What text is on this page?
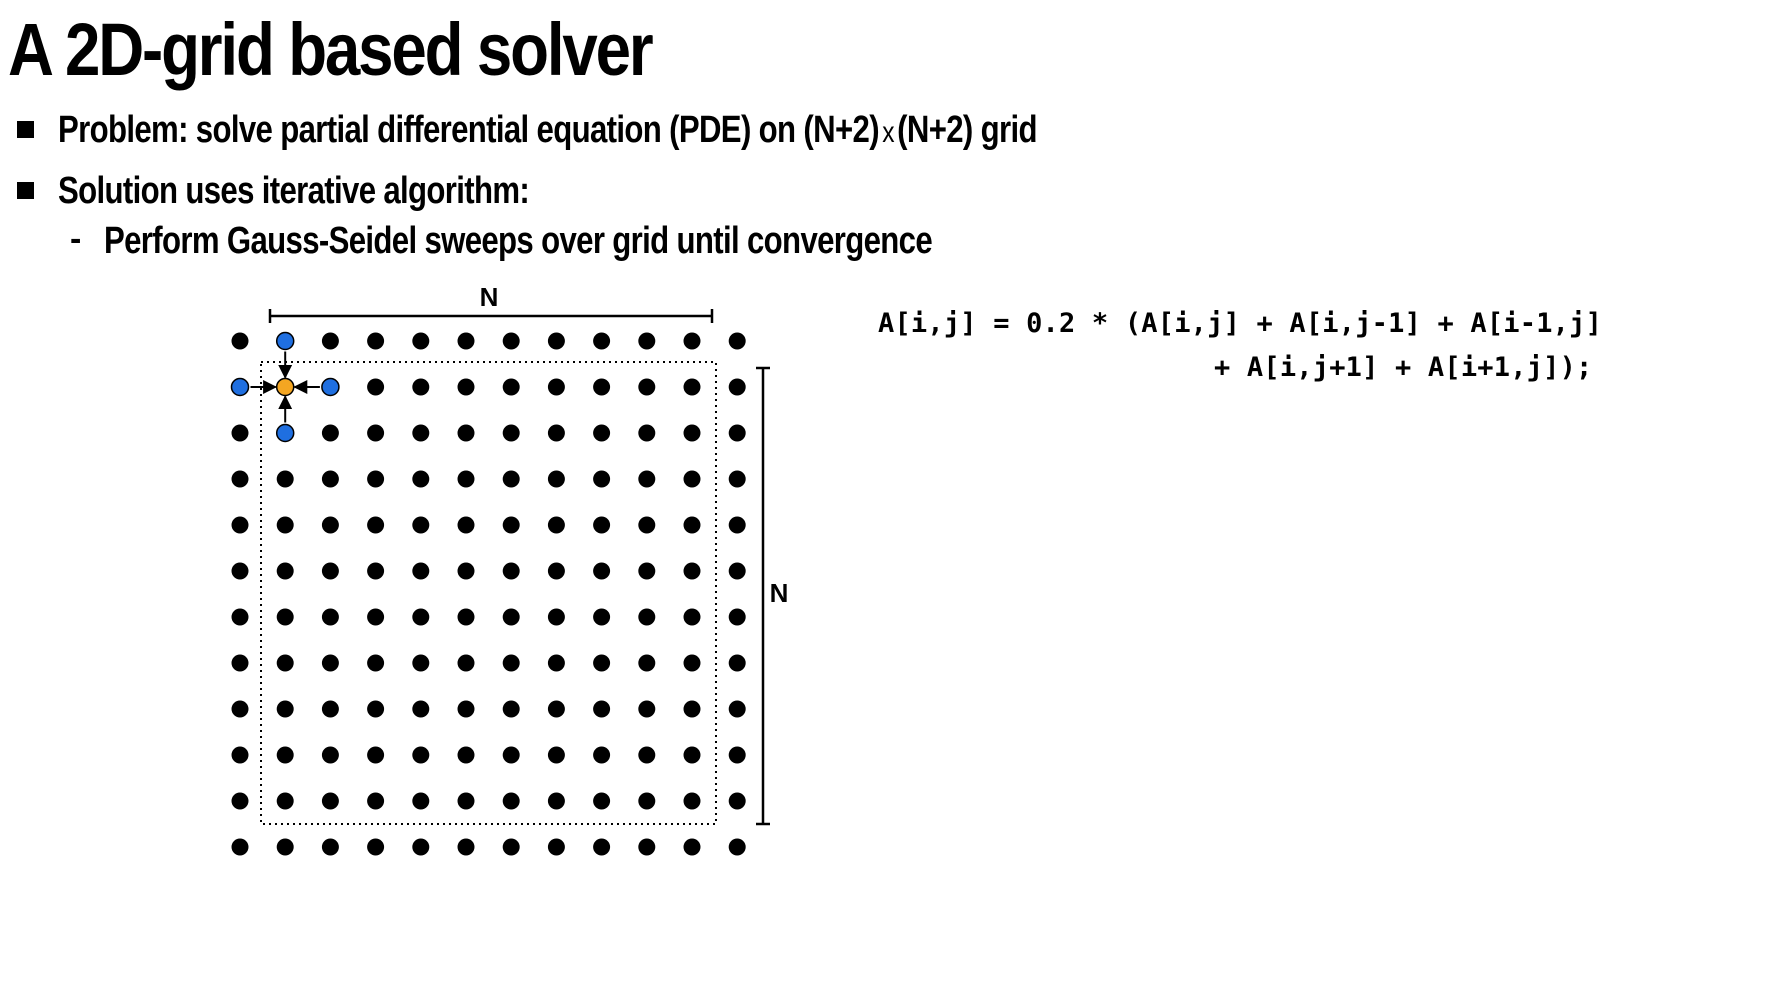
A 2D-grid based solver
Problem: solve partial differential equation (PDE) on (N+2) x(N+2) grid
Solution uses iterative algorithm:
- Perform Gauss-Seidel sweeps over grid until convergence
A[i,j] = 0.2 * (A[i,j] + A[i,j-1] + A[i-1,j]
+ A[i,j+1] + A[i+1,j]);
N
N
